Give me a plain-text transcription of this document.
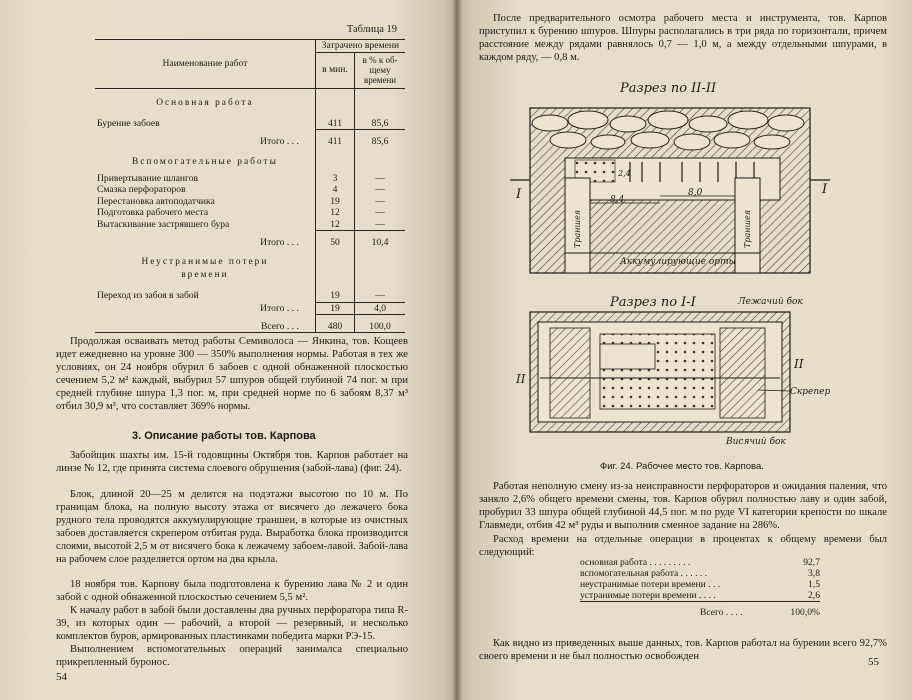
Таблица 19
Наименование работ	Затрачено времени	
	в мин.	в % к об-
щему
времени

Основная работа		

Бурение забоев	411	85,6

Итого . . .	411	85,6

Вспомогательные работы		

Привертывание шлангов	3	—
Смазка перфораторов	4	—
Перестановка автоподатчика	19	—
Подготовка рабочего места	12	—
Вытаскивание застрявшего бура	12	—

Итого . . .	50	10,4

Неустранимые потери времени		

Переход из забоя в забой	19	—
Итого . . .	19	4,0

Всего . . .	480	100,0
Продолжая осваивать метод работы Семиволоса — Янкина, тов. Кощеев идет ежедневно на уровне 300 — 350% выполнения нормы. Работая в тех же условиях, он 24 ноября обурил 6 забоев с одной обнаженной плоскостью сечением 5,2 м² каждый, выбурил 57 шпуров общей глубиной 74 пог. м при средней глубине шпура 1,3 пог. м, при средней норме по 6 забоям 8,37 м³ отбил 30,9 м³, что составляет 369% нормы.
3. Описание работы тов. Карпова
Забойщик шахты им. 15-й годовщины Октября тов. Карпов работает на линзе № 12, где принята система слоевого обрушения (забой-лава) (фиг. 24).
Блок, длиной 20—25 м делится на подэтажи высотою по 10 м. По границам блока, на полную высоту этажа от висячего до лежачего бока рудного тела проводятся аккумулирующие траншеи, в которые из очистных забоев доставляется скрепером отбитая руда. Выработка блока производится слоями, высотой 2,5 м от висячего бока к лежачему забоем-лавой. Забой-лава на рабочем слое разделяется ортом на два крыла.
18 ноября тов. Карпову была подготовлена к бурению лава № 2 и один забой с одной обнаженной плоскостью сечением 5,5 м².
К началу работ в забой были доставлены два ручных перфоратора типа R-39, из которых один — рабочий, а второй — резервный, и несколько комплектов буров, армированных пластинками победита марки РЭ-15.
Выполнением вспомогательных операций занималса специально прикрепленный буронос.
54
После предварительного осмотра рабочего места и инструмента, тов. Карпов приступил к бурению шпуров. Шпуры располагались в три ряда по горизонтали, причем расстояние между рядами равнялось 0,7 — 1,0 м, а между отдельными шпурами, в каждом ряду, — 0,8 м.
Разрез по II-II
Траншея	Траншея
Аккумулирующие орты
8,4
8,0
2,4
I	I
Разрез по I-I	Лежачий бок
II
II
Скрепер
Висячий бок
Фиг. 24. Рабочее место тов. Карпова.
Работая неполную смену из-за неисправности перфораторов и ожидания паления, что заняло 2,6% общего времени смены, тов. Карпов обурил полностью лаву и один забой, пробурил 33 шпура общей глубиной 44,5 пог. м по руде VI категории крепости по шкале Главмеди, отбив 42 м³ руды и выполнив сменное задание на 286%.
Расход времени на отдельные операции в процентах к общему времени был следующий:
основная работа . . . . . . . . .	92,7
вспомогательная работа . . . . . .	3,8
неустранимые потери времени . . .	1,5
устранимые потери времени . . . .	2,6
Всего . . . .	100,0%
Как видно из приведенных выше данных, тов. Карпов работал на бурении всего 92,7% своего времени и не был полностью освобожден	55
